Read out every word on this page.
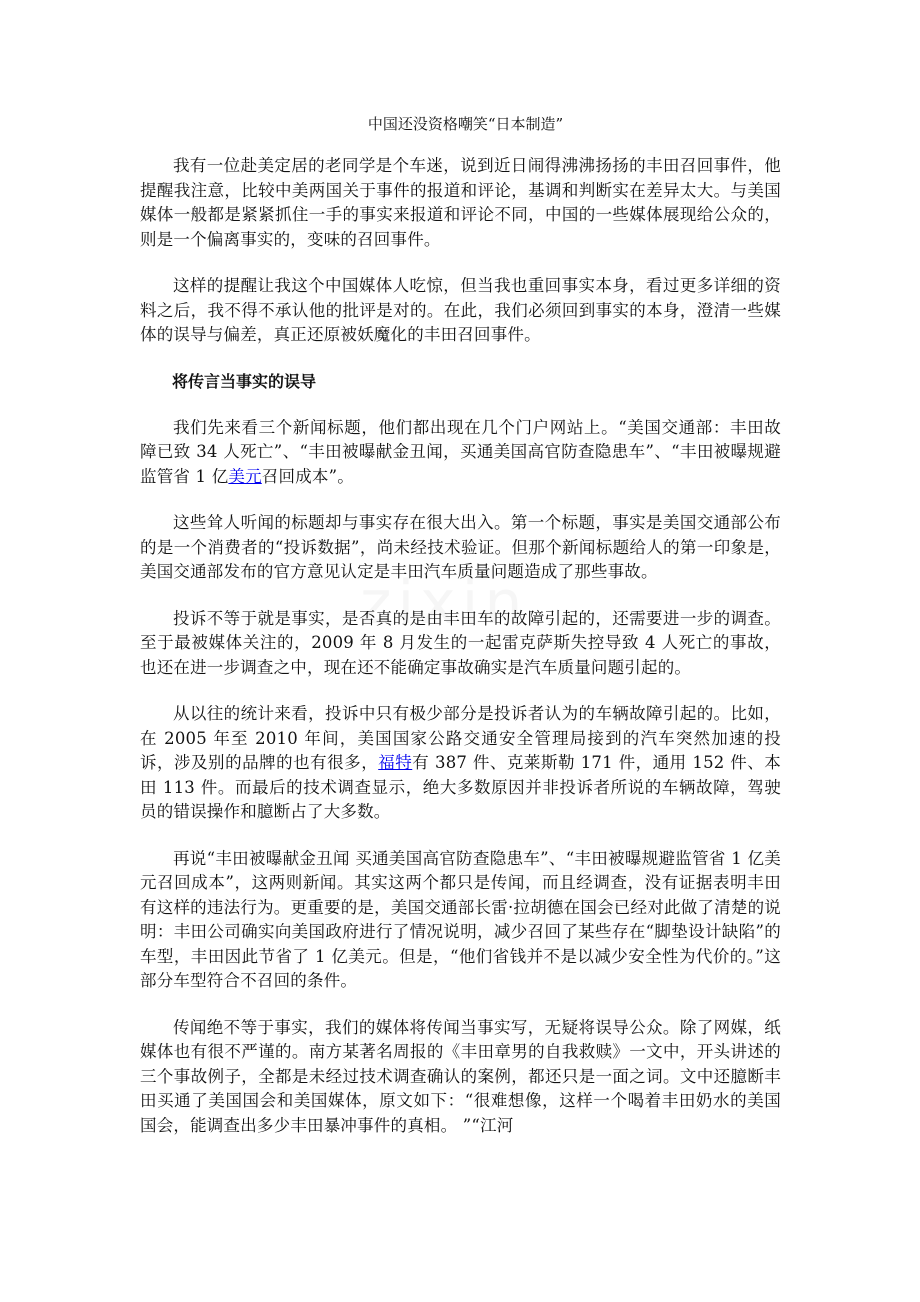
中国还没资格嘲笑“日本制造”

我有一位赴美定居的老同学是个车迷，说到近日闹得沸沸扬扬的丰田召回事件，他提醒我注意，比较中美两国关于事件的报道和评论，基调和判断实在差异太大。与美国媒体一般都是紧紧抓住一手的事实来报道和评论不同，中国的一些媒体展现给公众的，则是一个偏离事实的，变味的召回事件。

这样的提醒让我这个中国媒体人吃惊，但当我也重回事实本身，看过更多详细的资料之后，我不得不承认他的批评是对的。在此，我们必须回到事实的本身，澄清一些媒体的误导与偏差，真正还原被妖魔化的丰田召回事件。

将传言当事实的误导

我们先来看三个新闻标题，他们都出现在几个门户网站上。“美国交通部：丰田故障已致 34 人死亡”、“丰田被曝献金丑闻，买通美国高官防查隐患车”、“丰田被曝规避监管省 1 亿美元召回成本”。

这些耸人听闻的标题却与事实存在很大出入。第一个标题，事实是美国交通部公布的是一个消费者的“投诉数据”，尚未经技术验证。但那个新闻标题给人的第一印象是，美国交通部发布的官方意见认定是丰田汽车质量问题造成了那些事故。

投诉不等于就是事实，是否真的是由丰田车的故障引起的，还需要进一步的调查。至于最被媒体关注的，2009 年 8 月发生的一起雷克萨斯失控导致 4 人死亡的事故，也还在进一步调查之中，现在还不能确定事故确实是汽车质量问题引起的。

从以往的统计来看，投诉中只有极少部分是投诉者认为的车辆故障引起的。比如，在 2005 年至 2010 年间，美国国家公路交通安全管理局接到的汽车突然加速的投诉，涉及别的品牌的也有很多，福特有 387 件、克莱斯勒 171 件，通用 152 件、本田 113 件。而最后的技术调查显示，绝大多数原因并非投诉者所说的车辆故障，驾驶员的错误操作和臆断占了大多数。

再说“丰田被曝献金丑闻 买通美国高官防查隐患车”、“丰田被曝规避监管省 1 亿美元召回成本”，这两则新闻。其实这两个都只是传闻，而且经调查，没有证据表明丰田有这样的违法行为。更重要的是，美国交通部长雷·拉胡德在国会已经对此做了清楚的说明：丰田公司确实向美国政府进行了情况说明，减少召回了某些存在“脚垫设计缺陷”的车型，丰田因此节省了 1 亿美元。但是，“他们省钱并不是以减少安全性为代价的。”这部分车型符合不召回的条件。

传闻绝不等于事实，我们的媒体将传闻当事实写，无疑将误导公众。除了网媒，纸媒体也有很不严谨的。南方某著名周报的《丰田章男的自我救赎》一文中，开头讲述的三个事故例子，全都是未经过技术调查确认的案例，都还只是一面之词。文中还臆断丰田买通了美国国会和美国媒体，原文如下：“很难想像，这样一个喝着丰田奶水的美国国会，能调查出多少丰田暴冲事件的真相。 ”“江河
